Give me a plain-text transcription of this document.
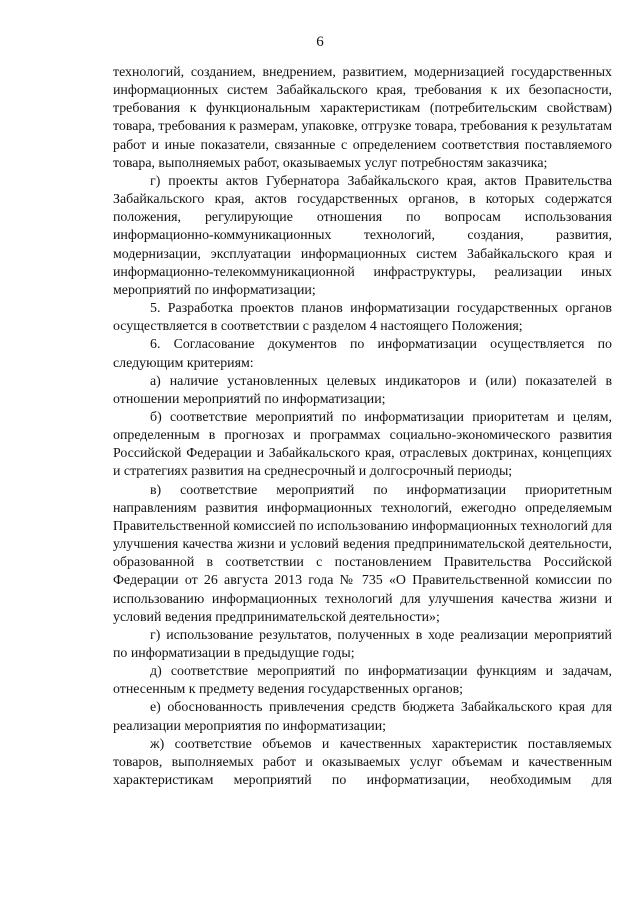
6

технологий, созданием, внедрением, развитием, модернизацией государственных информационных систем Забайкальского края, требования к их безопасности, требования к функциональным характеристикам (потребительским свойствам) товара, требования к размерам, упаковке, отгрузке товара, требования к результатам работ и иные показатели, связанные с определением соответствия поставляемого товара, выполняемых работ, оказываемых услуг потребностям заказчика;

г) проекты актов Губернатора Забайкальского края, актов Правительства Забайкальского края, актов государственных органов, в которых содержатся положения, регулирующие отношения по вопросам использования информационно-коммуникационных технологий, создания, развития, модернизации, эксплуатации информационных систем Забайкальского края и информационно-телекоммуникационной инфраструктуры, реализации иных мероприятий по информатизации;

5. Разработка проектов планов информатизации государственных органов осуществляется в соответствии с разделом 4 настоящего Положения;

6. Согласование документов по информатизации осуществляется по следующим критериям:

а) наличие установленных целевых индикаторов и (или) показателей в отношении мероприятий по информатизации;

б) соответствие мероприятий по информатизации приоритетам и целям, определенным в прогнозах и программах социально-экономического развития Российской Федерации и Забайкальского края, отраслевых доктринах, концепциях и стратегиях развития на среднесрочный и долгосрочный периоды;

в) соответствие мероприятий по информатизации приоритетным направлениям развития информационных технологий, ежегодно определяемым Правительственной комиссией по использованию информационных технологий для улучшения качества жизни и условий ведения предпринимательской деятельности, образованной в соответствии с постановлением Правительства Российской Федерации от 26 августа 2013 года № 735 «О Правительственной комиссии по использованию информационных технологий для улучшения качества жизни и условий ведения предпринимательской деятельности»;

г) использование результатов, полученных в ходе реализации мероприятий по информатизации в предыдущие годы;

д) соответствие мероприятий по информатизации функциям и задачам, отнесенным к предмету ведения государственных органов;

е) обоснованность привлечения средств бюджета Забайкальского края для реализации мероприятия по информатизации;

ж) соответствие объемов и качественных характеристик поставляемых товаров, выполняемых работ и оказываемых услуг объемам и качественным характеристикам мероприятий по информатизации, необходимым для
